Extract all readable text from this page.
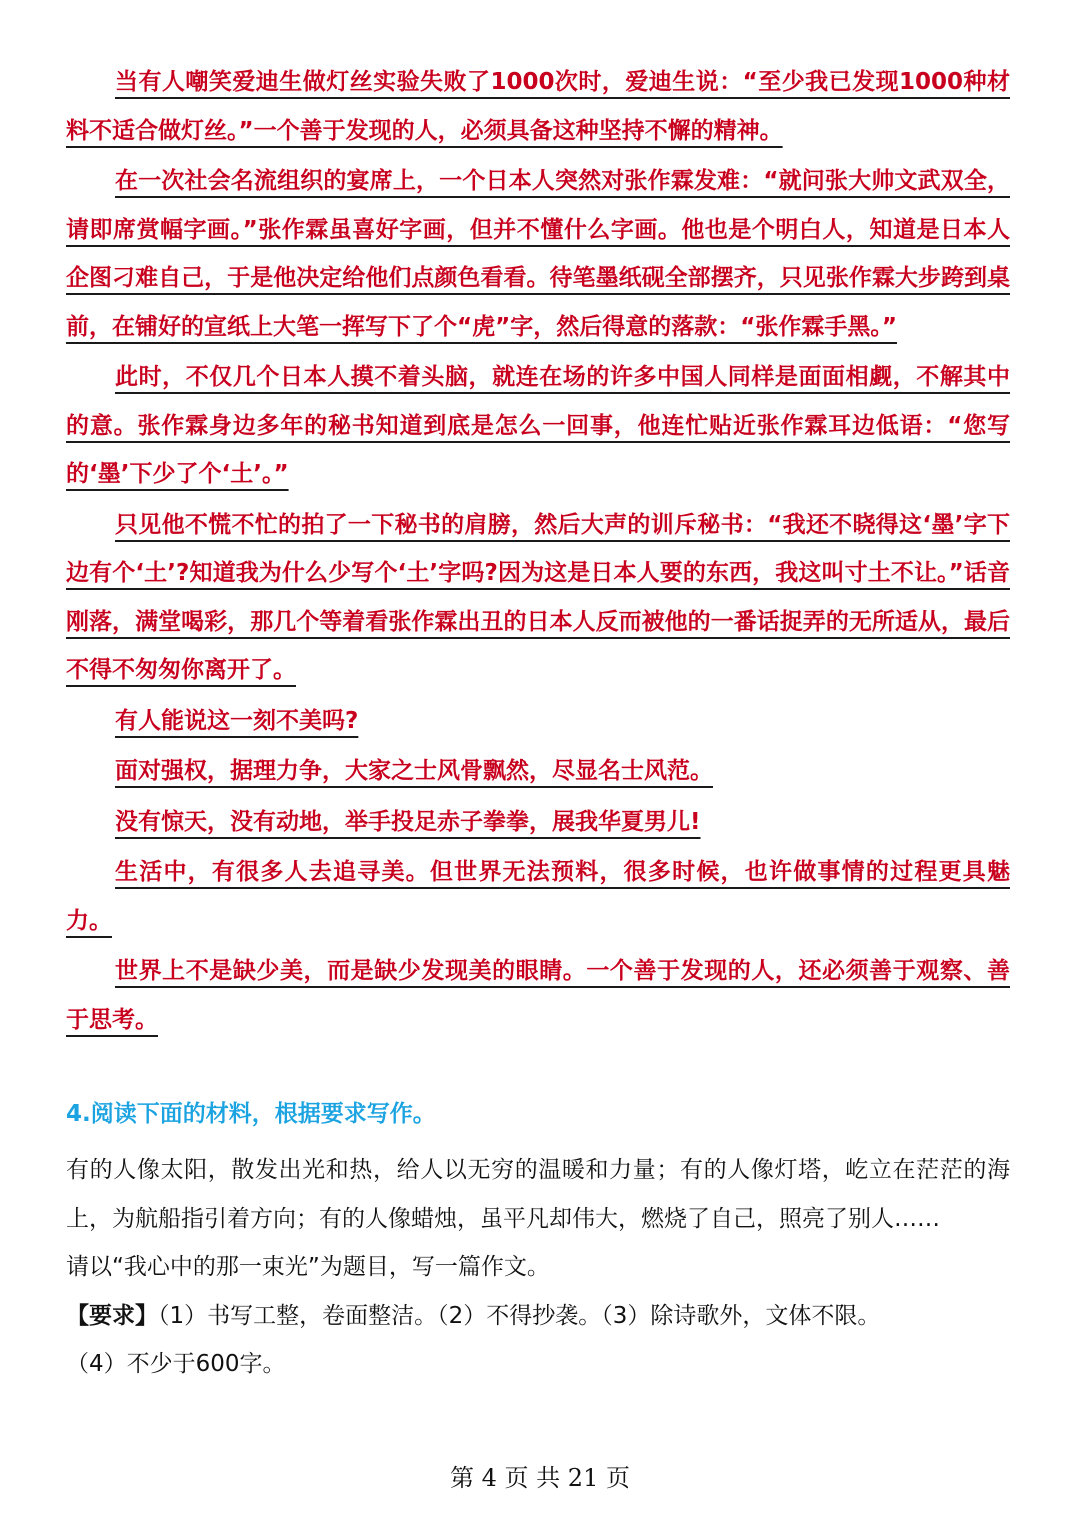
当有人嘲笑爱迪生做灯丝实验失败了1000次时，爱迪生说：“至少我已发现1000种材料不适合做灯丝。”一个善于发现的人，必须具备这种坚持不懈的精神。

在一次社会名流组织的宴席上，一个日本人突然对张作霖发难：“就问张大帅文武双全，请即席赏幅字画。”张作霖虽喜好字画，但并不懂什么字画。他也是个明白人，知道是日本人企图刁难自己，于是他决定给他们点颜色看看。待笔墨纸砚全部摆齐，只见张作霖大步跨到桌前，在铺好的宣纸上大笔一挥写下了个“虎”字，然后得意的落款：“张作霖手黑。”

此时，不仅几个日本人摸不着头脑，就连在场的许多中国人同样是面面相觑，不解其中的意。张作霖身边多年的秘书知道到底是怎么一回事，他连忙贴近张作霖耳边低语：“您写的‘墨’下少了个‘土’。”

只见他不慌不忙的拍了一下秘书的肩膀，然后大声的训斥秘书：“我还不晓得这‘墨’字下边有个‘土’?知道我为什么少写个‘土’字吗?因为这是日本人要的东西，我这叫寸土不让。”话音刚落，满堂喝彩，那几个等着看张作霖出丑的日本人反而被他的一番话捉弄的无所适从，最后不得不匆匆你离开了。

有人能说这一刻不美吗?

面对强权，据理力争，大家之士风骨飘然，尽显名士风范。

没有惊天，没有动地，举手投足赤子拳拳，展我华夏男儿!

生活中，有很多人去追寻美。但世界无法预料，很多时候，也许做事情的过程更具魅力。

世界上不是缺少美，而是缺少发现美的眼睛。一个善于发现的人，还必须善于观察、善于思考。

4.阅读下面的材料，根据要求写作。
有的人像太阳，散发出光和热，给人以无穷的温暖和力量；有的人像灯塔，屹立在茫茫的海上，为航船指引着方向；有的人像蜡烛，虽平凡却伟大，燃烧了自己，照亮了别人……
请以“我心中的那一束光”为题目，写一篇作文。
【要求】（1）书写工整，卷面整洁。（2）不得抄袭。（3）除诗歌外，文体不限。
（4）不少于600字。
第 4 页 共 21 页
